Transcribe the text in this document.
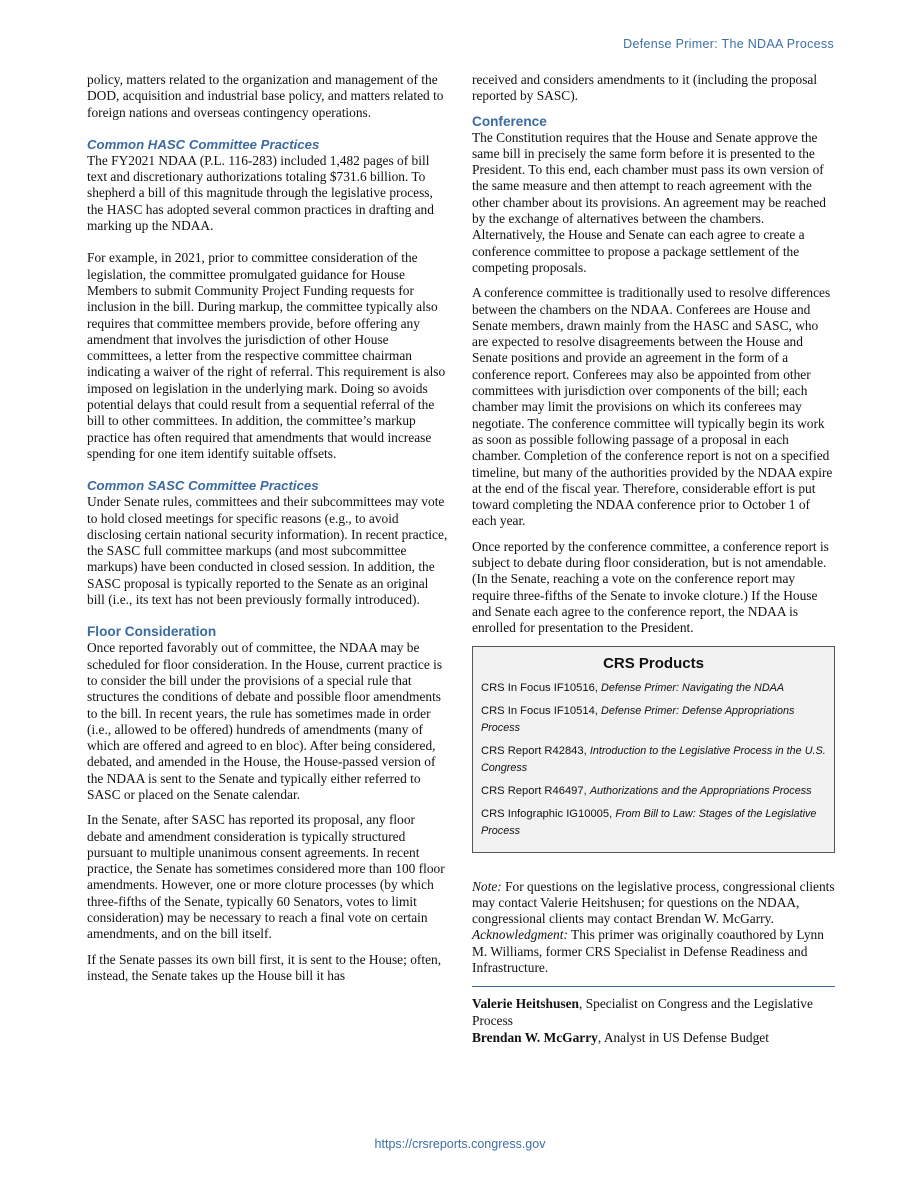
Defense Primer: The NDAA Process

policy, matters related to the organization and management of the DOD, acquisition and industrial base policy, and matters related to foreign nations and overseas contingency operations.

Common HASC Committee Practices

The FY2021 NDAA (P.L. 116-283) included 1,482 pages of bill text and discretionary authorizations totaling $731.6 billion. To shepherd a bill of this magnitude through the legislative process, the HASC has adopted several common practices in drafting and marking up the NDAA.

For example, in 2021, prior to committee consideration of the legislation, the committee promulgated guidance for House Members to submit Community Project Funding requests for inclusion in the bill. During markup, the committee typically also requires that committee members provide, before offering any amendment that involves the jurisdiction of other House committees, a letter from the respective committee chairman indicating a waiver of the right of referral. This requirement is also imposed on legislation in the underlying mark. Doing so avoids potential delays that could result from a sequential referral of the bill to other committees. In addition, the committee’s markup practice has often required that amendments that would increase spending for one item identify suitable offsets.

Common SASC Committee Practices

Under Senate rules, committees and their subcommittees may vote to hold closed meetings for specific reasons (e.g., to avoid disclosing certain national security information). In recent practice, the SASC full committee markups (and most subcommittee markups) have been conducted in closed session. In addition, the SASC proposal is typically reported to the Senate as an original bill (i.e., its text has not been previously formally introduced).

Floor Consideration

Once reported favorably out of committee, the NDAA may be scheduled for floor consideration. In the House, current practice is to consider the bill under the provisions of a special rule that structures the conditions of debate and possible floor amendments to the bill. In recent years, the rule has sometimes made in order (i.e., allowed to be offered) hundreds of amendments (many of which are offered and agreed to en bloc). After being considered, debated, and amended in the House, the House-passed version of the NDAA is sent to the Senate and typically either referred to SASC or placed on the Senate calendar.

In the Senate, after SASC has reported its proposal, any floor debate and amendment consideration is typically structured pursuant to multiple unanimous consent agreements. In recent practice, the Senate has sometimes considered more than 100 floor amendments. However, one or more cloture processes (by which three-fifths of the Senate, typically 60 Senators, votes to limit consideration) may be necessary to reach a final vote on certain amendments, and on the bill itself.

If the Senate passes its own bill first, it is sent to the House; often, instead, the Senate takes up the House bill it has

received and considers amendments to it (including the proposal reported by SASC).

Conference

The Constitution requires that the House and Senate approve the same bill in precisely the same form before it is presented to the President. To this end, each chamber must pass its own version of the same measure and then attempt to reach agreement with the other chamber about its provisions. An agreement may be reached by the exchange of alternatives between the chambers. Alternatively, the House and Senate can each agree to create a conference committee to propose a package settlement of the competing proposals.

A conference committee is traditionally used to resolve differences between the chambers on the NDAA. Conferees are House and Senate members, drawn mainly from the HASC and SASC, who are expected to resolve disagreements between the House and Senate positions and provide an agreement in the form of a conference report. Conferees may also be appointed from other committees with jurisdiction over components of the bill; each chamber may limit the provisions on which its conferees may negotiate. The conference committee will typically begin its work as soon as possible following passage of a proposal in each chamber. Completion of the conference report is not on a specified timeline, but many of the authorities provided by the NDAA expire at the end of the fiscal year. Therefore, considerable effort is put toward completing the NDAA conference prior to October 1 of each year.

Once reported by the conference committee, a conference report is subject to debate during floor consideration, but is not amendable. (In the Senate, reaching a vote on the conference report may require three-fifths of the Senate to invoke cloture.) If the House and Senate each agree to the conference report, the NDAA is enrolled for presentation to the President.

CRS Products

CRS In Focus IF10516, Defense Primer: Navigating the NDAA

CRS In Focus IF10514, Defense Primer: Defense Appropriations Process

CRS Report R42843, Introduction to the Legislative Process in the U.S. Congress

CRS Report R46497, Authorizations and the Appropriations Process

CRS Infographic IG10005, From Bill to Law: Stages of the Legislative Process

Note: For questions on the legislative process, congressional clients may contact Valerie Heitshusen; for questions on the NDAA, congressional clients may contact Brendan W. McGarry. Acknowledgment: This primer was originally coauthored by Lynn M. Williams, former CRS Specialist in Defense Readiness and Infrastructure.

Valerie Heitshusen, Specialist on Congress and the Legislative Process

Brendan W. McGarry, Analyst in US Defense Budget

https://crsreports.congress.gov
